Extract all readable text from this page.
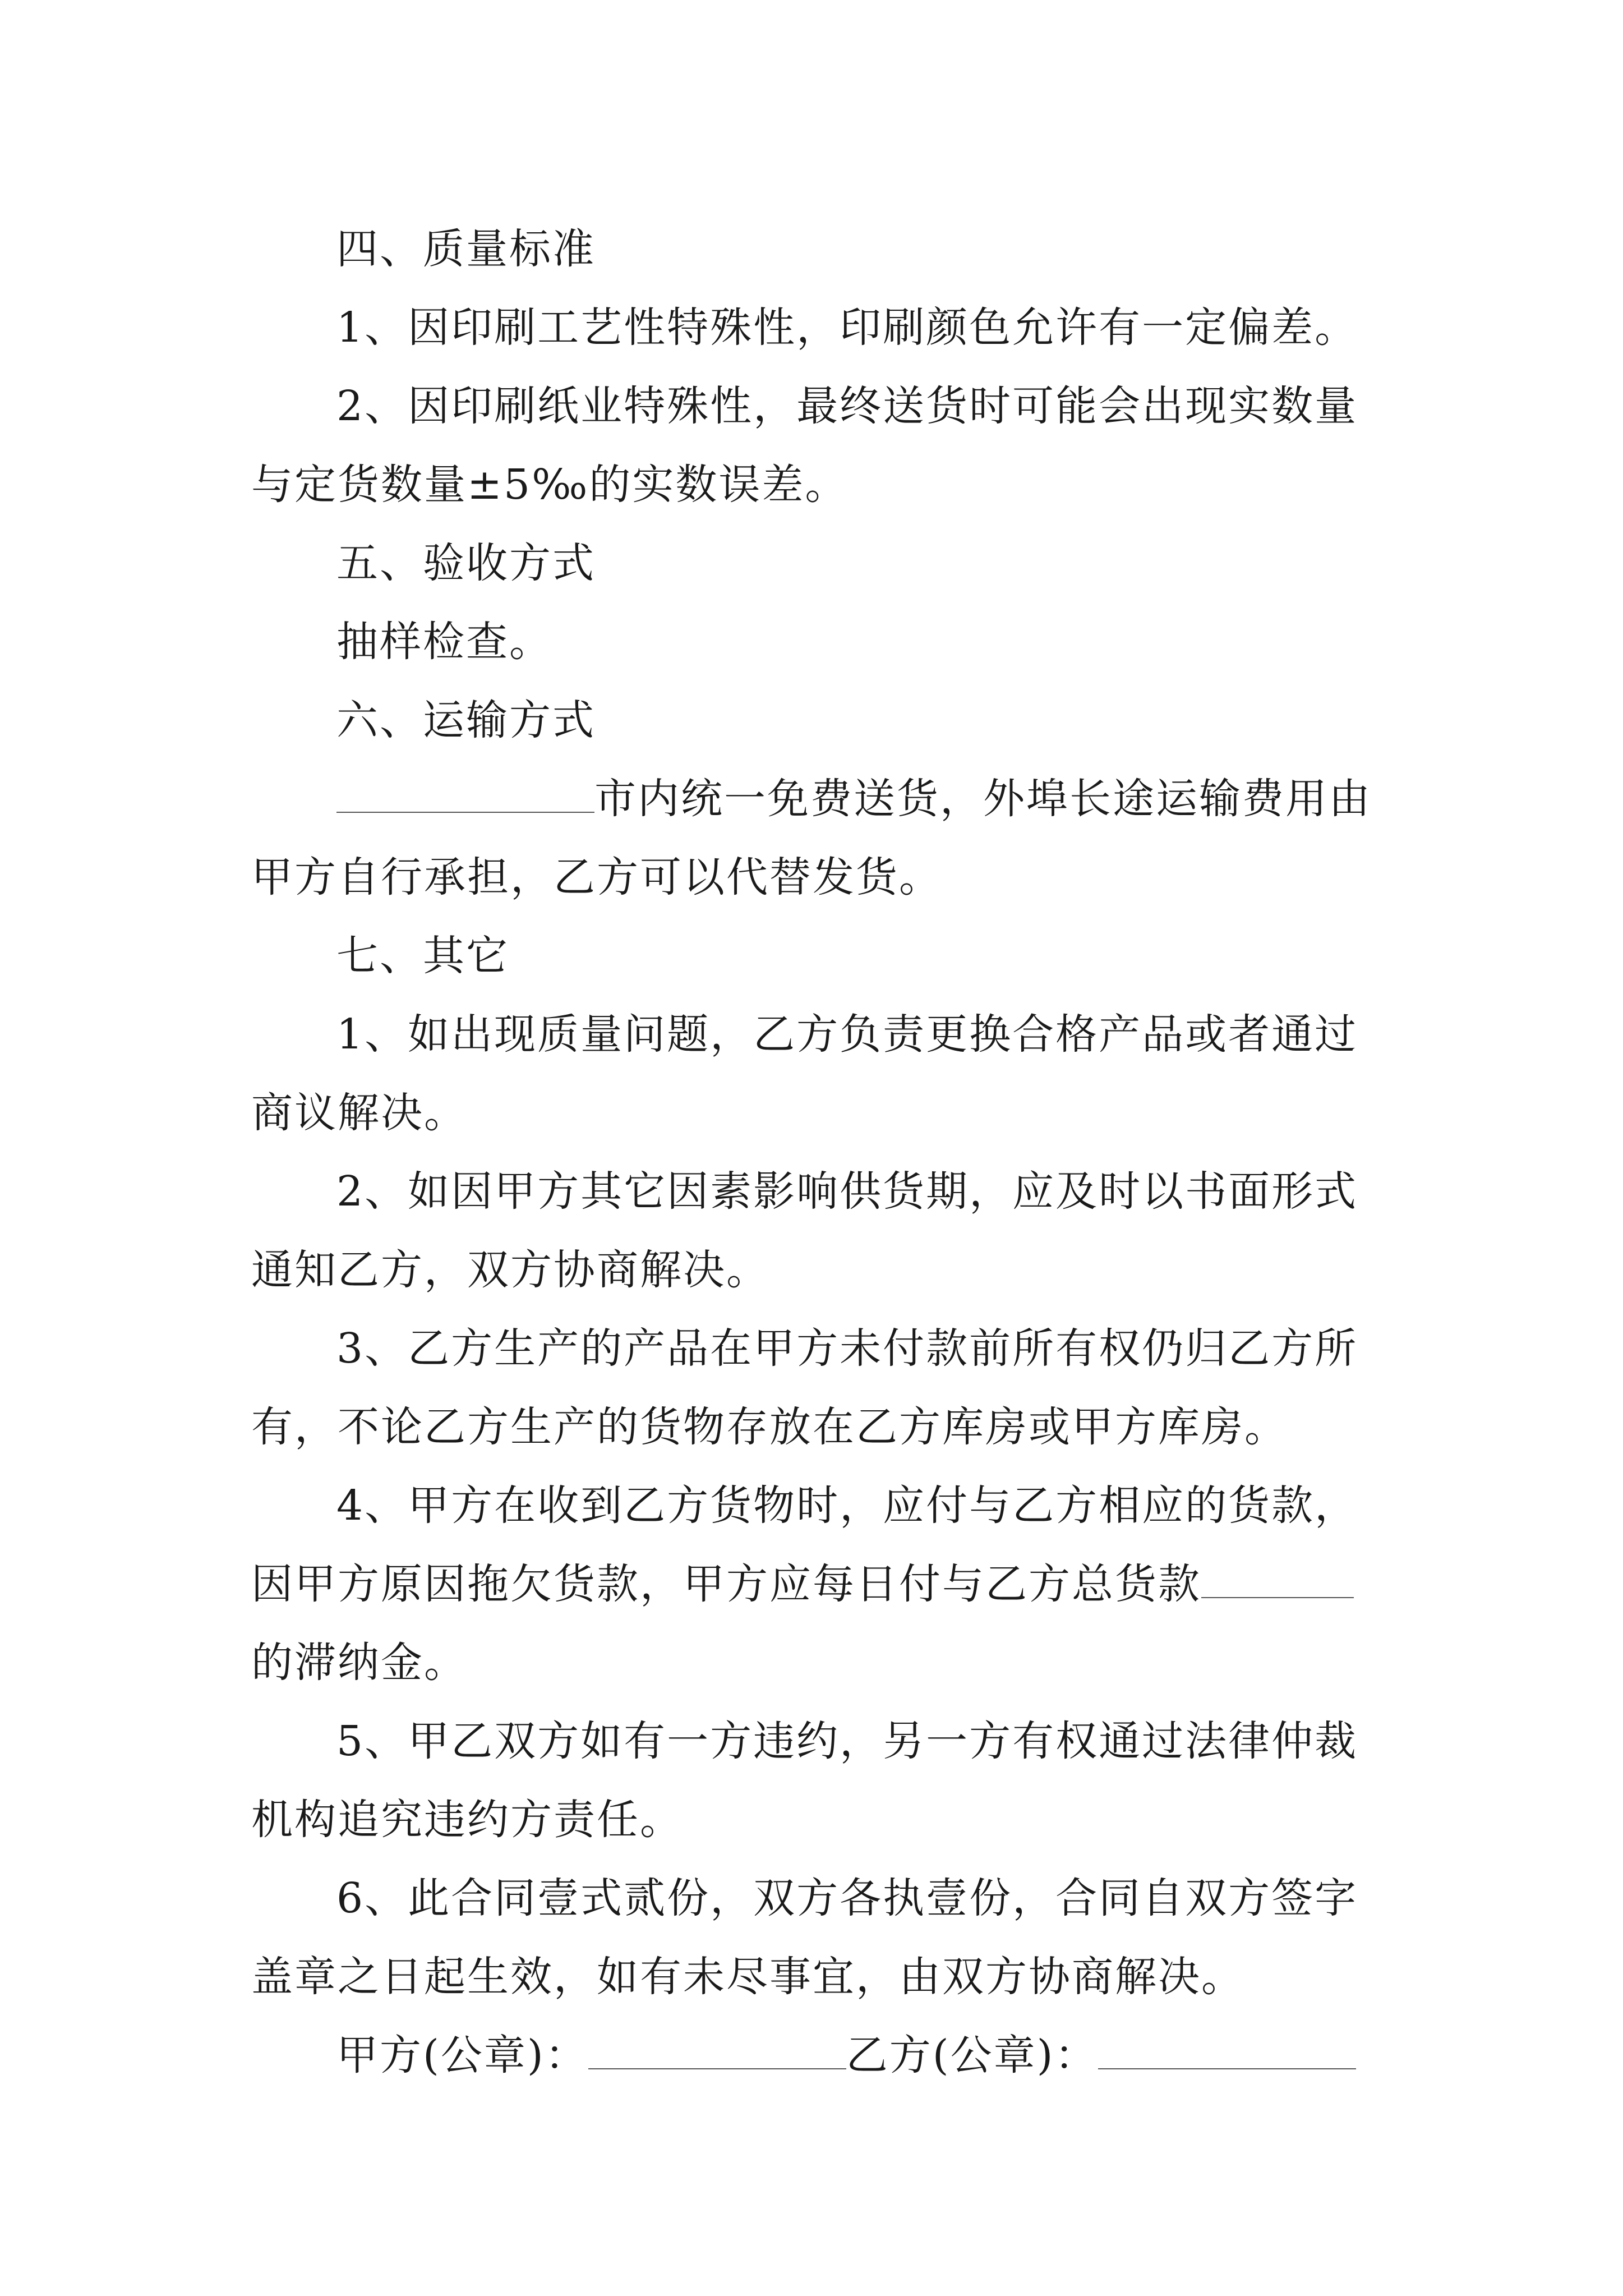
四、质量标准

1、因印刷工艺性特殊性，印刷颜色允许有一定偏差。

2、因印刷纸业特殊性，最终送货时可能会出现实数量与定货数量±5‰的实数误差。

五、验收方式

抽样检查。

六、运输方式

市内统一免费送货，外埠长途运输费用由甲方自行承担，乙方可以代替发货。

七、其它

1、如出现质量问题，乙方负责更换合格产品或者通过商议解决。

2、如因甲方其它因素影响供货期，应及时以书面形式通知乙方，双方协商解决。

3、乙方生产的产品在甲方未付款前所有权仍归乙方所有，不论乙方生产的货物存放在乙方库房或甲方库房。

4、甲方在收到乙方货物时，应付与乙方相应的货款，因甲方原因拖欠货款，甲方应每日付与乙方总货款的滞纳金。

5、甲乙双方如有一方违约，另一方有权通过法律仲裁机构追究违约方责任。

6、此合同壹式贰份，双方各执壹份，合同自双方签字盖章之日起生效，如有未尽事宜，由双方协商解决。

甲方(公章)：	乙方(公章)：
